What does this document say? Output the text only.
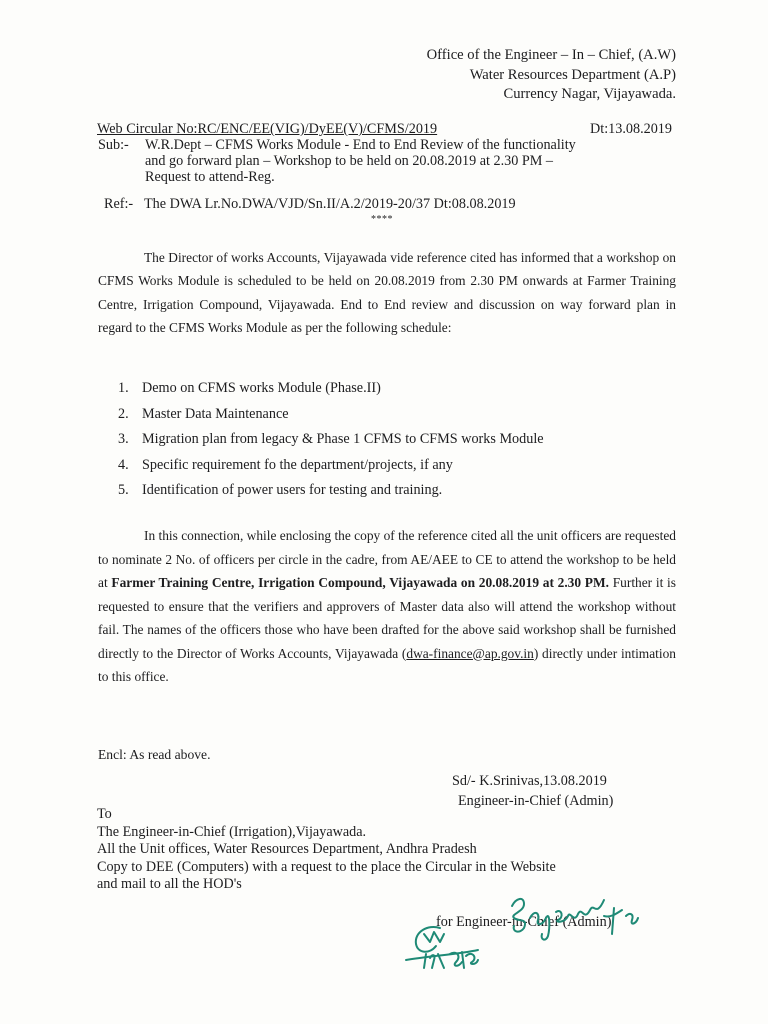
Office of the Engineer – In – Chief, (A.W)
Water Resources Department (A.P)
Currency Nagar, Vijayawada.
Web Circular No:RC/ENC/EE(VIG)/DyEE(V)/CFMS/2019	Dt:13.08.2019
Sub:- W.R.Dept – CFMS Works Module - End to End Review of the functionality
and go forward plan – Workshop to be held on 20.08.2019 at 2.30 PM –
Request to attend-Reg.
Ref:- The DWA Lr.No.DWA/VJD/Sn.II/A.2/2019-20/37 Dt:08.08.2019
****
The Director of works Accounts, Vijayawada vide reference cited has informed that a workshop on CFMS Works Module is scheduled to be held on 20.08.2019 from 2.30 PM onwards at Farmer Training Centre, Irrigation Compound, Vijayawada. End to End review and discussion on way forward plan in regard to the CFMS Works Module as per the following schedule:
1. Demo on CFMS works Module (Phase.II)
2. Master Data Maintenance
3. Migration plan from legacy & Phase 1 CFMS to CFMS works Module
4. Specific requirement fo the department/projects, if any
5. Identification of power users for testing and training.
In this connection, while enclosing the copy of the reference cited all the unit officers are requested to nominate 2 No. of officers per circle in the cadre, from AE/AEE to CE to attend the workshop to be held at Farmer Training Centre, Irrigation Compound, Vijayawada on 20.08.2019 at 2.30 PM. Further it is requested to ensure that the verifiers and approvers of Master data also will attend the workshop without fail. The names of the officers those who have been drafted for the above said workshop shall be furnished directly to the Director of Works Accounts, Vijayawada (dwa-finance@ap.gov.in) directly under intimation to this office.
Encl: As read above.
Sd/- K.Srinivas,13.08.2019
Engineer-in-Chief (Admin)
To
The Engineer-in-Chief (Irrigation),Vijayawada.
All the Unit offices, Water Resources Department, Andhra Pradesh
Copy to DEE (Computers) with a request to the place the Circular in the Website
and mail to all the HOD's
for Engineer-in-Chief (Admin)
